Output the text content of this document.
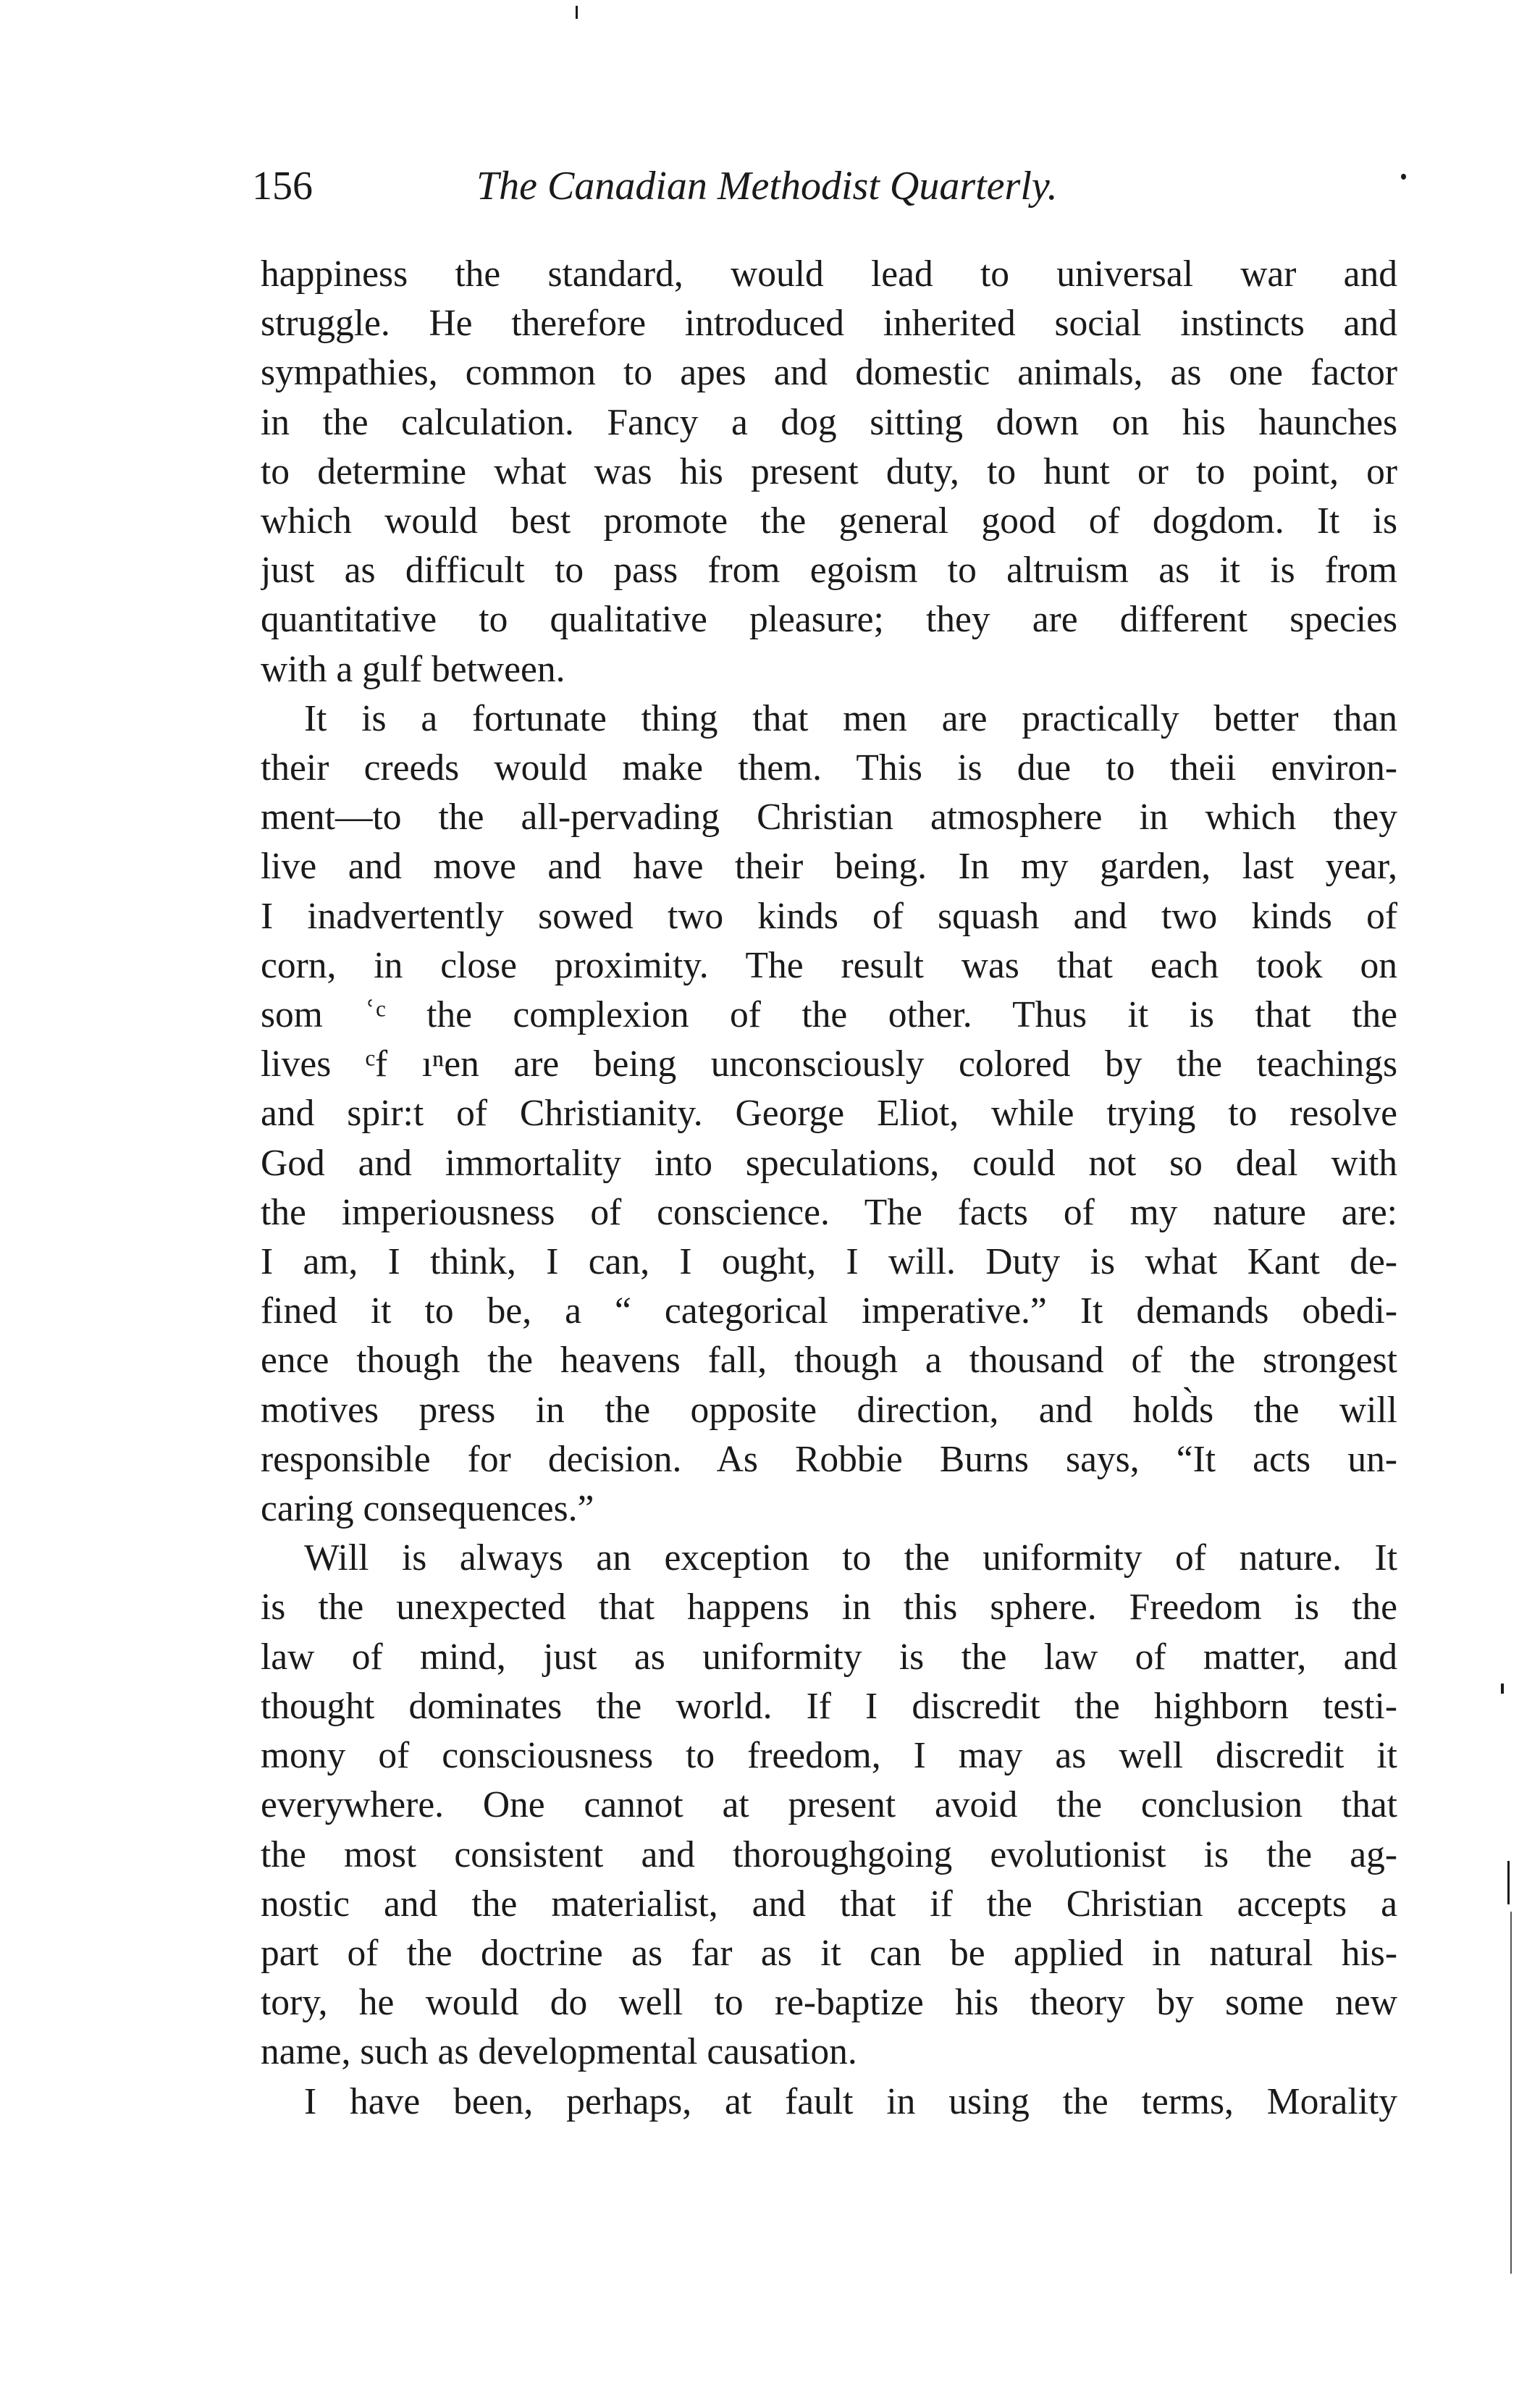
156	The Canadian Methodist Quarterly.

happiness the standard, would lead to universal war and
struggle. He therefore introduced inherited social instincts and
sympathies, common to apes and domestic animals, as one factor
in the calculation. Fancy a dog sitting down on his haunches
to determine what was his present duty, to hunt or to point, or
which would best promote the general good of dogdom. It is
just as difficult to pass from egoism to altruism as it is from
quantitative to qualitative pleasure; they are different species
with a gulf between.

It is a fortunate thing that men are practically better than
their creeds would make them. This is due to theii environ-
ment—to the all-pervading Christian atmosphere in which they
live and move and have their being. In my garden, last year,
I inadvertently sowed two kinds of squash and two kinds of
corn, in close proximity. The result was that each took on
som ʿᶜ the complexion of the other. Thus it is that the
lives ᶜf ıⁿen are being unconsciously colored by the teachings
and spir:t of Christianity. George Eliot, while trying to resolve
God and immortality into speculations, could not so deal with
the imperiousness of conscience. The facts of my nature are:
I am, I think, I can, I ought, I will. Duty is what Kant de-
fined it to be, a “ categorical imperative.” It demands obedi-
ence though the heavens fall, though a thousand of the strongest
motives press in the opposite direction, and hold̀s the will
responsible for decision. As Robbie Burns says, “It acts un-
caring consequences.”

Will is always an exception to the uniformity of nature. It
is the unexpected that happens in this sphere. Freedom is the
law of mind, just as uniformity is the law of matter, and
thought dominates the world. If I discredit the highborn testi-
mony of consciousness to freedom, I may as well discredit it
everywhere. One cannot at present avoid the conclusion that
the most consistent and thoroughgoing evolutionist is the ag-
nostic and the materialist, and that if the Christian accepts a
part of the doctrine as far as it can be applied in natural his-
tory, he would do well to re-baptize his theory by some new
name, such as developmental causation.

I have been, perhaps, at fault in using the terms, Morality
